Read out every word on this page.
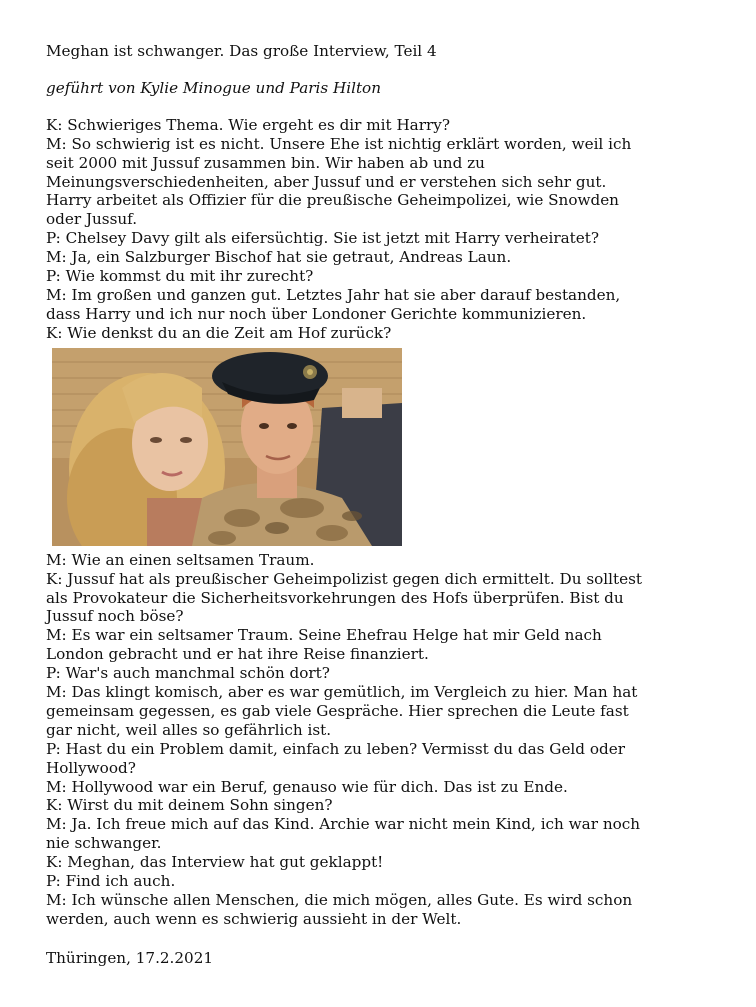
Meghan ist schwanger. Das große Interview, Teil 4

geführt von Kylie Minogue und Paris Hilton

K: Schwieriges Thema. Wie ergeht es dir mit Harry?

M: So schwierig ist es nicht. Unsere Ehe ist nichtig erklärt worden, weil ich

seit 2000 mit Jussuf zusammen bin. Wir haben ab und zu

Meinungsverschiedenheiten, aber Jussuf und er verstehen sich sehr gut.

Harry arbeitet als Offizier für die preußische Geheimpolizei, wie Snowden

oder Jussuf.

P: Chelsey Davy gilt als eifersüchtig. Sie ist jetzt mit Harry verheiratet?

M: Ja, ein Salzburger Bischof hat sie getraut, Andreas Laun.

P: Wie kommst du mit ihr zurecht?

M: Im großen und ganzen gut. Letztes Jahr hat sie aber darauf bestanden,

dass Harry und ich nur noch über Londoner Gerichte kommunizieren.

K: Wie denkst du an die Zeit am Hof zurück?

M: Wie an einen seltsamen Traum.

K: Jussuf hat als preußischer Geheimpolizist gegen dich ermittelt. Du solltest

als Provokateur die Sicherheitsvorkehrungen des Hofs überprüfen. Bist du

Jussuf noch böse?

M: Es war ein seltsamer Traum. Seine Ehefrau Helge hat mir Geld nach

London gebracht und er hat ihre Reise finanziert.

P: War's auch manchmal schön dort?

M: Das klingt komisch, aber es war gemütlich, im Vergleich zu hier. Man hat

gemeinsam gegessen, es gab viele Gespräche. Hier sprechen die Leute fast

gar nicht, weil alles so gefährlich ist.

P: Hast du ein Problem damit, einfach zu leben? Vermisst du das Geld oder

Hollywood?

M: Hollywood war ein Beruf, genauso wie für dich. Das ist zu Ende.

K: Wirst du mit deinem Sohn singen?

M: Ja. Ich freue mich auf das Kind. Archie war nicht mein Kind, ich war noch

nie schwanger.

K: Meghan, das Interview hat gut geklappt!

P: Find ich auch.

M: Ich wünsche allen Menschen, die mich mögen, alles Gute. Es wird schon

werden, auch wenn es schwierig aussieht in der Welt.

Thüringen, 17.2.2021
